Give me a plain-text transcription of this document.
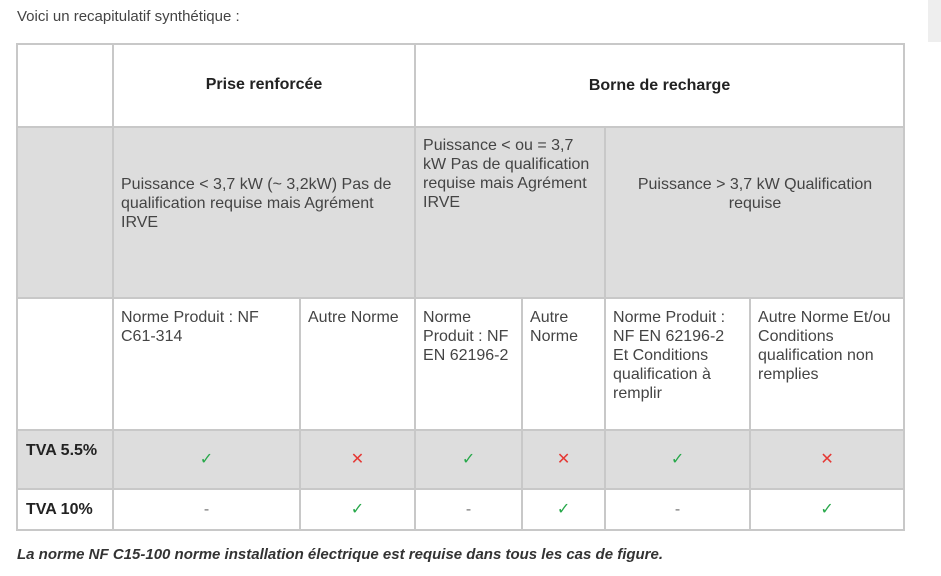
Voici un recapitulatif synthétique :
	Prise renforcée		Borne de recharge			
	Puissance < 3,7 kW (~ 3,2kW) Pas de qualification requise mais Agrément IRVE		Puissance < ou = 3,7 kW Pas de qualification requise mais Agrément IRVE		Puissance > 3,7 kW Qualification requise	
	Norme Produit : NF C61-314	Autre Norme	Norme Produit : NF EN 62196-2	Autre Norme	Norme Produit : NF EN 62196-2 Et Conditions qualification à remplir	Autre Norme Et/ou Conditions qualification non remplies
TVA 5.5%	✓	✕	✓	✕	✓	✕
TVA 10%	-	✓	-	✓	-	✓
La norme NF C15-100 norme installation électrique est requise dans tous les cas de figure.
